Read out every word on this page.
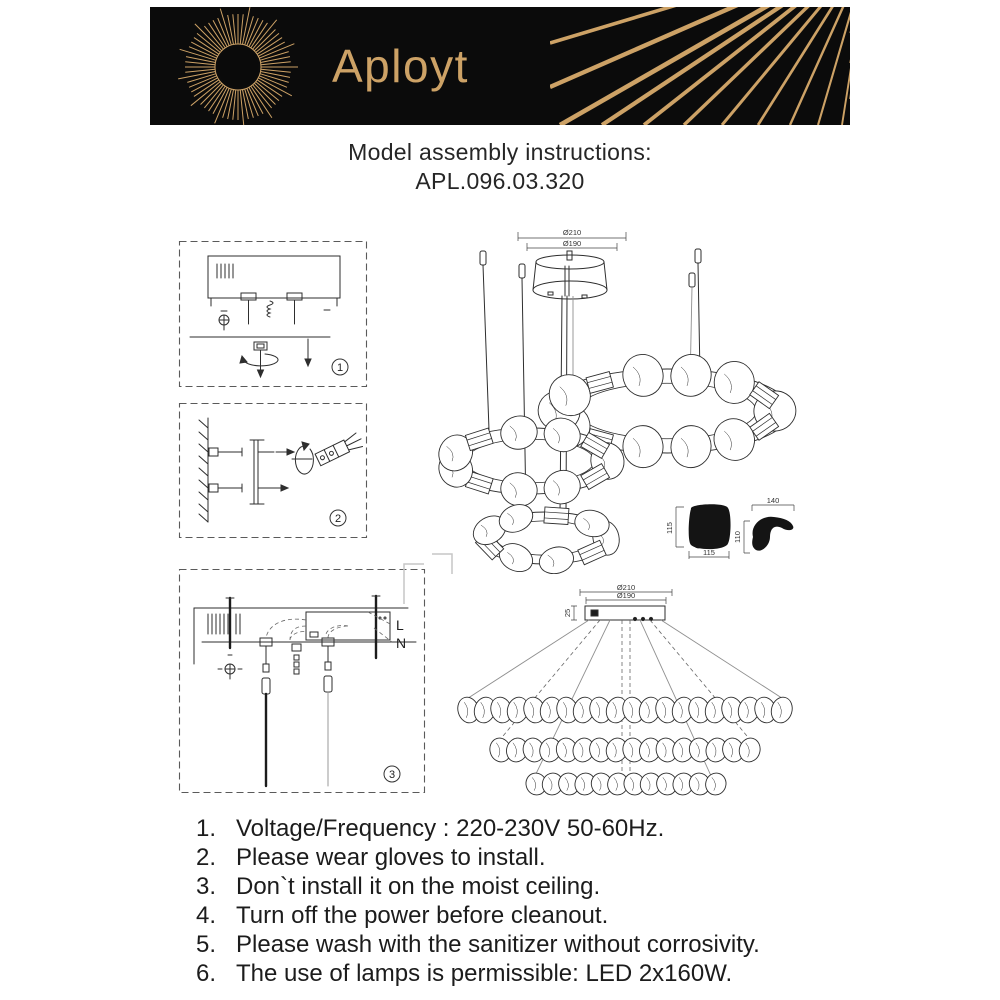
Aployt
Model assembly instructions:
APL.096.03.320
1
2
L
N
3
Ø210
Ø190
115
115
140
110
Ø210
Ø190
25
1. Voltage/Frequency : 220-230V 50-60Hz.
2. Please wear gloves to install.
3. Don`t install it on the moist ceiling.
4. Turn off the power before cleanout.
5. Please wash with the sanitizer without corrosivity.
6. The use of lamps is permissible: LED 2x160W.
